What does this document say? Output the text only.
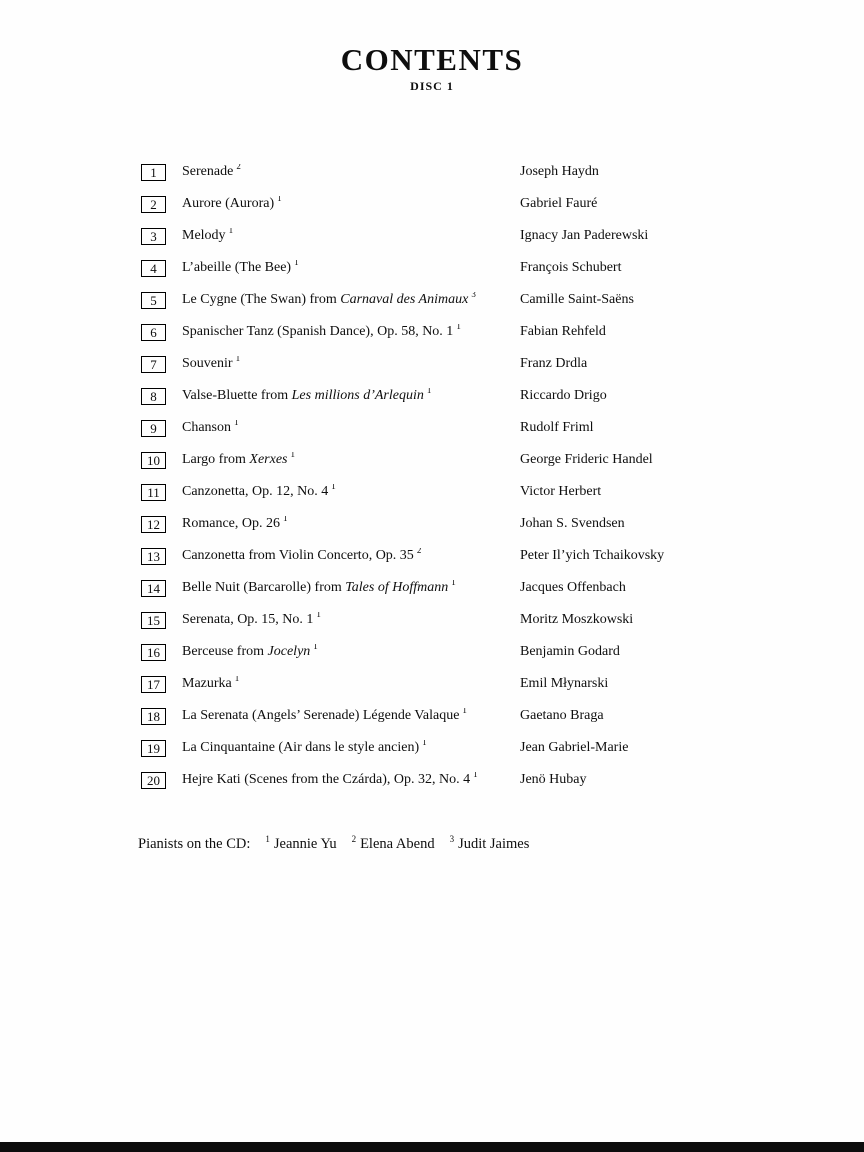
CONTENTS
DISC 1
1 Serenade $^2$	Joseph Haydn
2 Aurore (Aurora) $^1$	Gabriel Fauré
3 Melody $^1$	Ignacy Jan Paderewski
4 L’abeille (The Bee) $^1$	François Schubert
5 Le Cygne (The Swan) from Carnaval des Animaux $^3$	Camille Saint-Saëns
6 Spanischer Tanz (Spanish Dance), Op. 58, No. 1 $^1$	Fabian Rehfeld
7 Souvenir $^1$	Franz Drdla
8 Valse-Bluette from Les millions d’Arlequin $^1$	Riccardo Drigo
9 Chanson $^1$	Rudolf Friml
10 Largo from Xerxes $^1$	George Frideric Handel
11 Canzonetta, Op. 12, No. 4 $^1$	Victor Herbert
12 Romance, Op. 26 $^1$	Johan S. Svendsen
13 Canzonetta from Violin Concerto, Op. 35 $^2$	Peter Il’yich Tchaikovsky
14 Belle Nuit (Barcarolle) from Tales of Hoffmann $^1$	Jacques Offenbach
15 Serenata, Op. 15, No. 1 $^1$	Moritz Moszkowski
16 Berceuse from Jocelyn $^1$	Benjamin Godard
17 Mazurka $^1$	Emil Młynarski
18 La Serenata (Angels’ Serenade) Légende Valaque $^1$	Gaetano Braga
19 La Cinquantaine (Air dans le style ancien) $^1$	Jean Gabriel-Marie
20 Hejre Kati (Scenes from the Czárda), Op. 32, No. 4 $^1$	Jenö Hubay
Pianists on the CD: $^1$ Jeannie Yu $^2$ Elena Abend $^3$ Judit Jaimes
